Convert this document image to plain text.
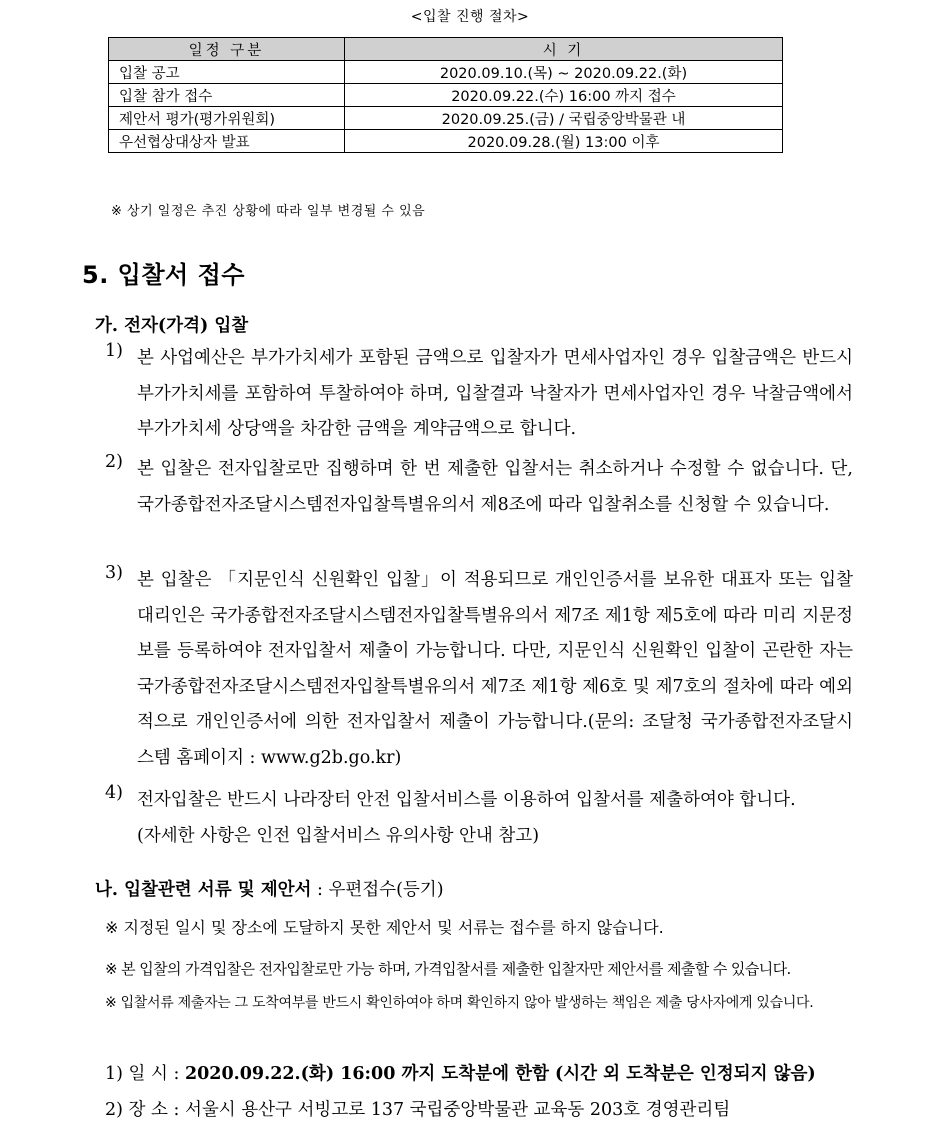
<입찰 진행 절차>
일정 구분	시 기
입찰 공고	2020.09.10.(목) ~ 2020.09.22.(화)
입찰 참가 접수	2020.09.22.(수) 16:00 까지 접수
제안서 평가(평가위원회)	2020.09.25.(금) / 국립중앙박물관 내
우선협상대상자 발표	2020.09.28.(월) 13:00 이후
※ 상기 일정은 추진 상황에 따라 일부 변경될 수 있음
5. 입찰서 접수
가. 전자(가격) 입찰
1) 본 사업예산은 부가가치세가 포함된 금액으로 입찰자가 면세사업자인 경우 입찰금액은 반드시 부가가치세를 포함하여 투찰하여야 하며, 입찰결과 낙찰자가 면세사업자인 경우 낙찰금액에서 부가가치세 상당액을 차감한 금액을 계약금액으로 합니다.
2) 본 입찰은 전자입찰로만 집행하며 한 번 제출한 입찰서는 취소하거나 수정할 수 없습니다. 단, 국가종합전자조달시스템전자입찰특별유의서 제8조에 따라 입찰취소를 신청할 수 있습니다.
3) 본 입찰은 「지문인식 신원확인 입찰」이 적용되므로 개인인증서를 보유한 대표자 또는 입찰대리인은 국가종합전자조달시스템전자입찰특별유의서 제7조 제1항 제5호에 따라 미리 지문정보를 등록하여야 전자입찰서 제출이 가능합니다. 다만, 지문인식 신원확인 입찰이 곤란한 자는 국가종합전자조달시스템전자입찰특별유의서 제7조 제1항 제6호 및 제7호의 절차에 따라 예외적으로 개인인증서에 의한 전자입찰서 제출이 가능합니다.(문의: 조달청 국가종합전자조달시스템 홈페이지 : www.g2b.go.kr)
4) 전자입찰은 반드시 나라장터 안전 입찰서비스를 이용하여 입찰서를 제출하여야 합니다.
(자세한 사항은 인전 입찰서비스 유의사항 안내 참고)
나. 입찰관련 서류 및 제안서 : 우편접수(등기)
※ 지정된 일시 및 장소에 도달하지 못한 제안서 및 서류는 접수를 하지 않습니다.
※ 본 입찰의 가격입찰은 전자입찰로만 가능 하며, 가격입찰서를 제출한 입찰자만 제안서를 제출할 수 있습니다.
※ 입찰서류 제출자는 그 도착여부를 반드시 확인하여야 하며 확인하지 않아 발생하는 책임은 제출 당사자에게 있습니다.
1) 일 시 : 2020.09.22.(화) 16:00 까지 도착분에 한함 (시간 외 도착분은 인정되지 않음)
2) 장 소 : 서울시 용산구 서빙고로 137 국립중앙박물관 교육동 203호 경영관리팀
